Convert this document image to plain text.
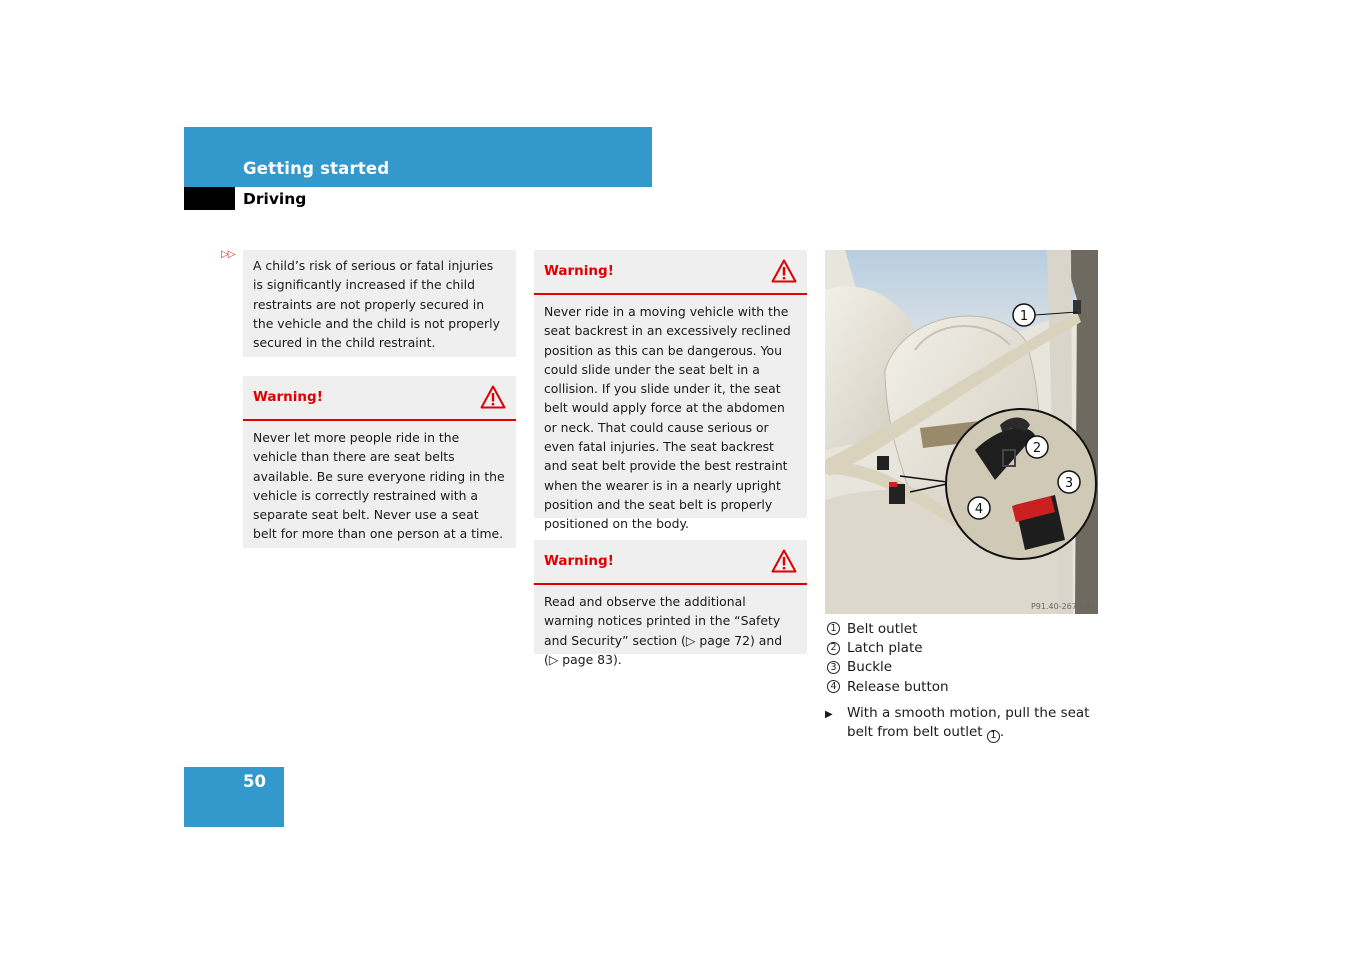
Getting started
Driving
▷▷

A child’s risk of serious or fatal injuries is significantly increased if the child restraints are not properly secured in the vehicle and the child is not properly secured in the child restraint.

Warning!

Never let more people ride in the vehicle than there are seat belts available. Be sure everyone riding in the vehicle is correctly restrained with a separate seat belt. Never use a seat belt for more than one person at a time.

Warning!

Never ride in a moving vehicle with the seat backrest in an excessively reclined position as this can be dangerous. You could slide under the seat belt in a collision. If you slide under it, the seat belt would apply force at the abdomen or neck. That could cause serious or even fatal injuries. The seat backrest and seat belt provide the best restraint when the wearer is in a nearly upright position and the seat belt is properly positioned on the body.

Warning!

Read and observe the additional warning notices printed in the “Safety and Security” section (▷ page 72) and (▷ page 83).

1
2
3
4
P91.40-2673-31
1 Belt outlet
2 Latch plate
3 Buckle
4 Release button
▶	With a smooth motion, pull the seat belt from belt outlet 1 .
50
